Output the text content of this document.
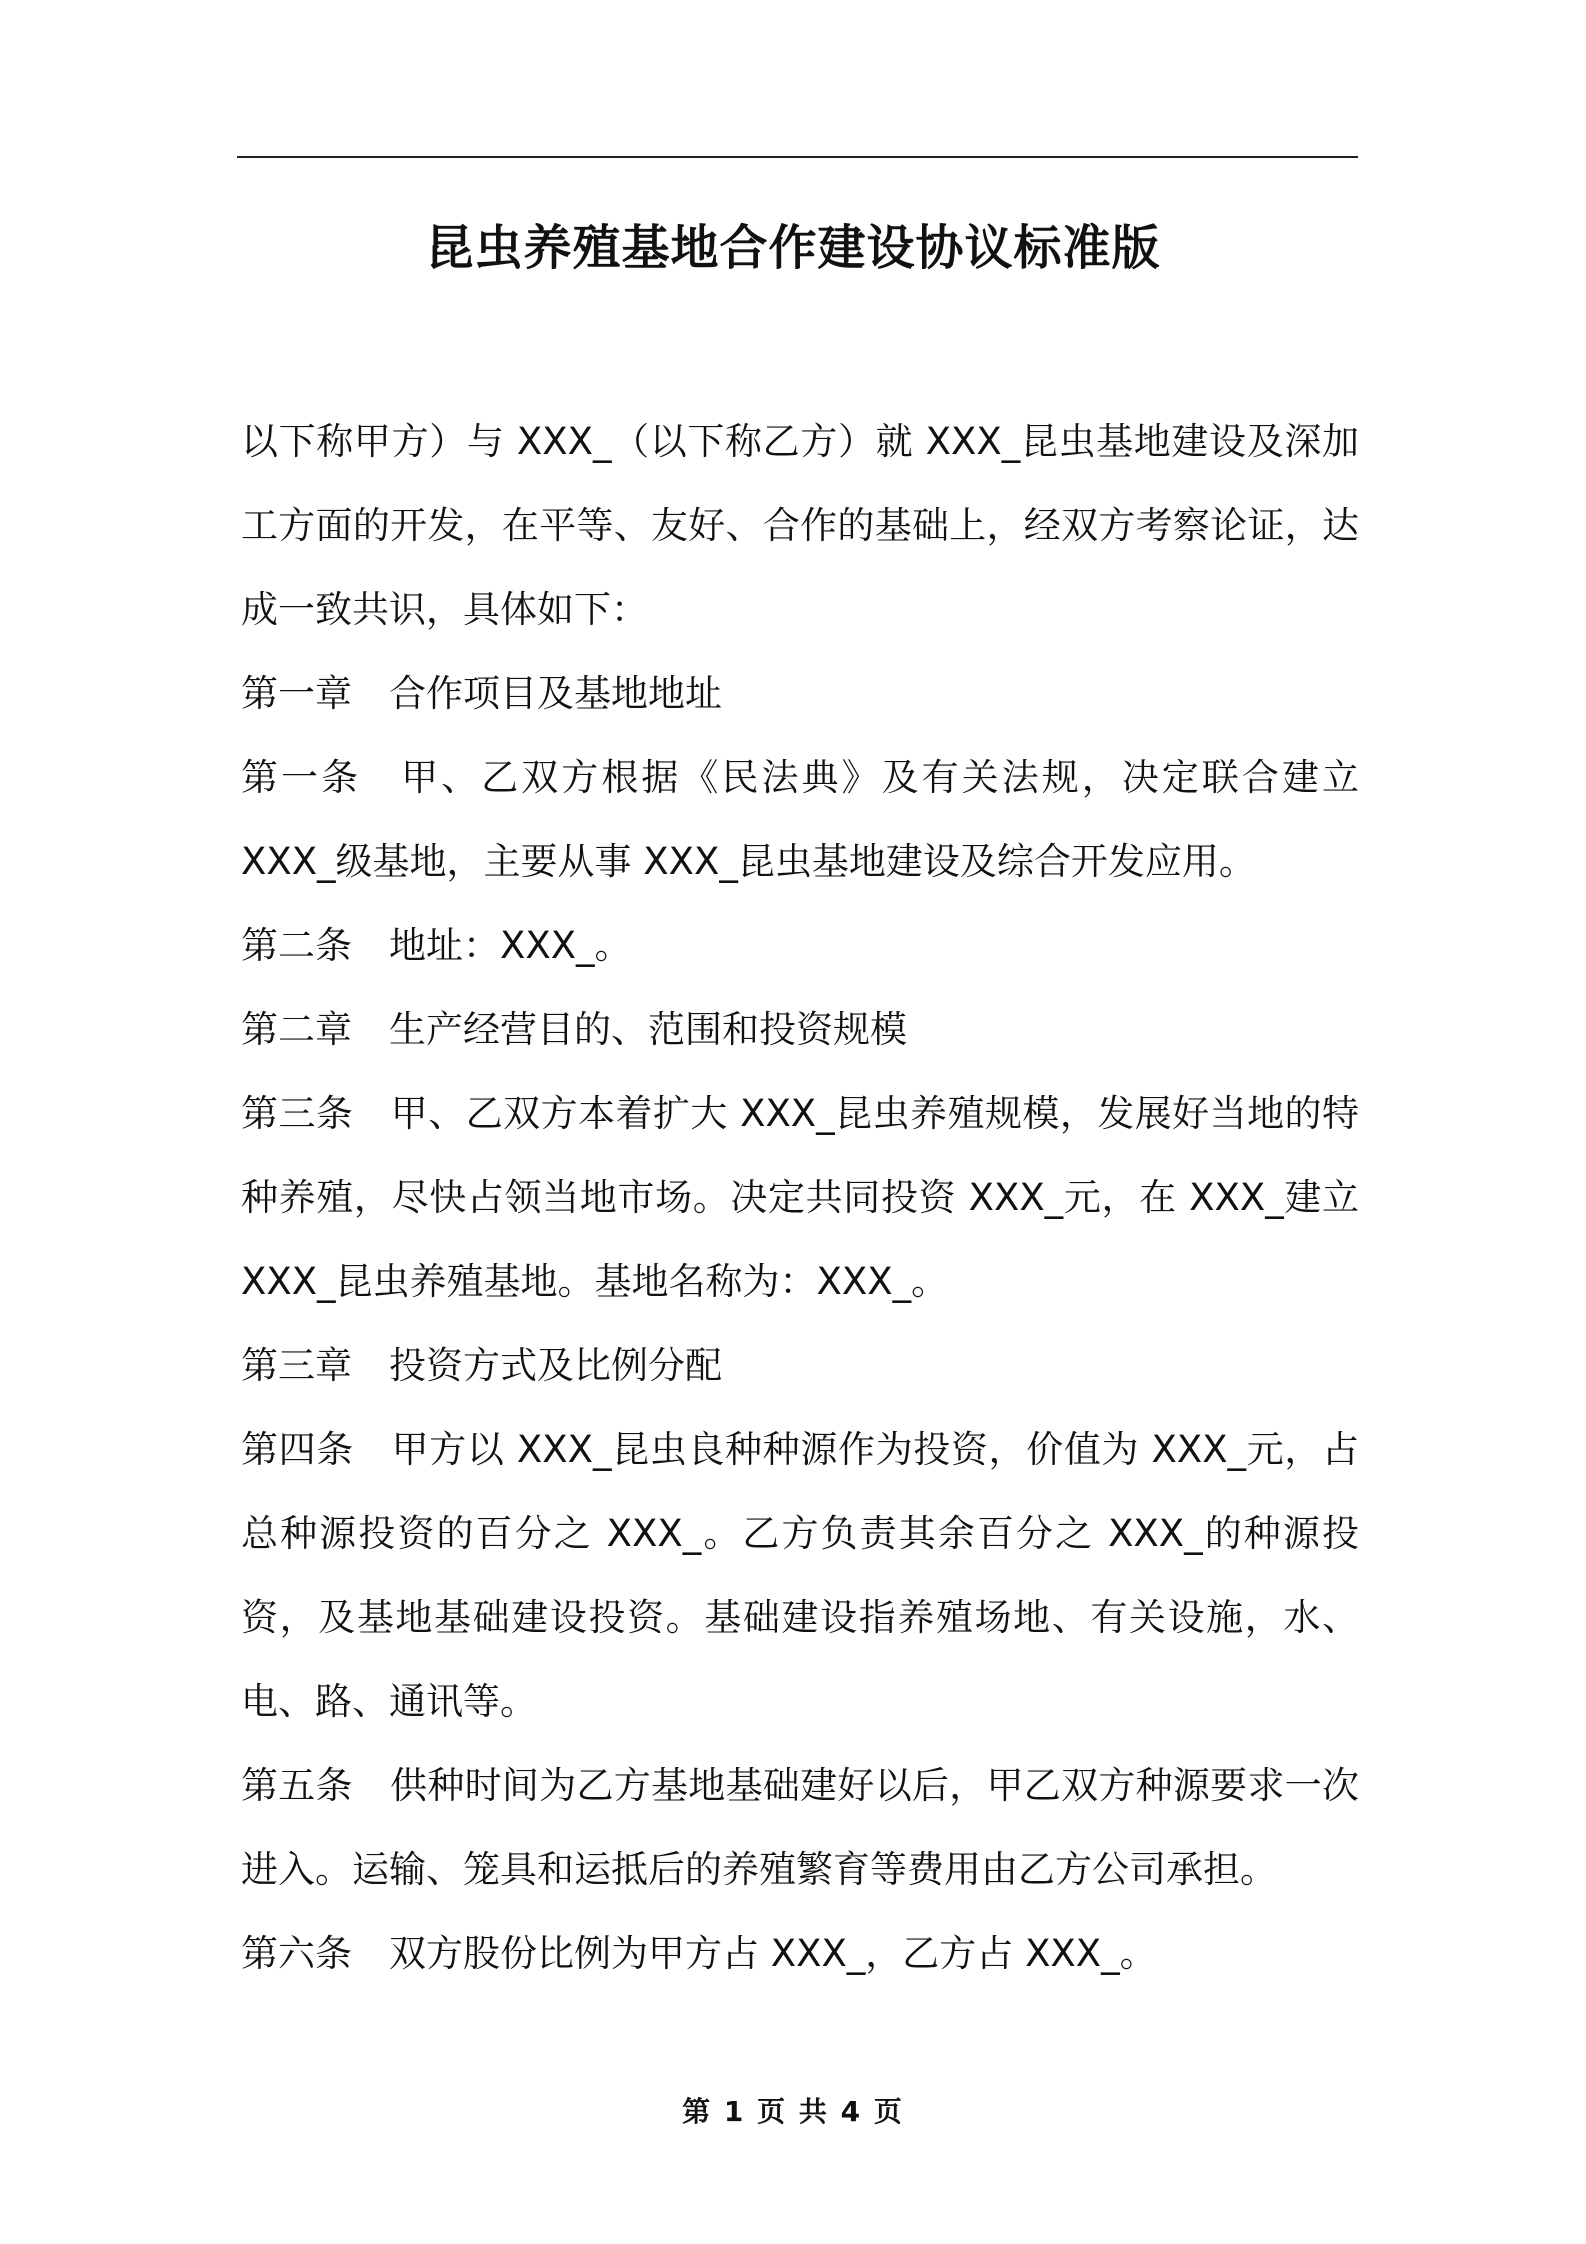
昆虫养殖基地合作建设协议标准版

以下称甲方）与 XXX_（以下称乙方）就 XXX_昆虫基地建设及深加工方面的开发，在平等、友好、合作的基础上，经双方考察论证，达成一致共识，具体如下：

第一章　合作项目及基地地址

第一条　甲、乙双方根据《民法典》及有关法规，决定联合建立 XXX_级基地，主要从事 XXX_昆虫基地建设及综合开发应用。

第二条　地址：XXX_。

第二章　生产经营目的、范围和投资规模

第三条　甲、乙双方本着扩大 XXX_昆虫养殖规模，发展好当地的特种养殖，尽快占领当地市场。决定共同投资 XXX_元，在 XXX_建立 XXX_昆虫养殖基地。基地名称为：XXX_。

第三章　投资方式及比例分配

第四条　甲方以 XXX_昆虫良种种源作为投资，价值为 XXX_元，占总种源投资的百分之 XXX_。乙方负责其余百分之 XXX_的种源投资，及基地基础建设投资。基础建设指养殖场地、有关设施，水、电、路、通讯等。

第五条　供种时间为乙方基地基础建好以后，甲乙双方种源要求一次进入。运输、笼具和运抵后的养殖繁育等费用由乙方公司承担。

第六条　双方股份比例为甲方占 XXX_，乙方占 XXX_。

第 1 页 共 4 页
